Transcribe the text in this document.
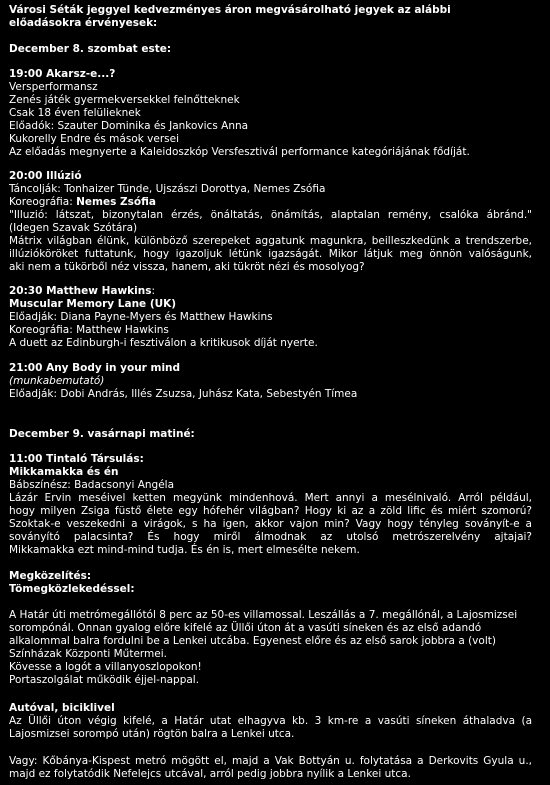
Városi Séták jeggyel kedvezményes áron megvásárolható jegyek az alábbi
előadásokra érvényesek:
December 8. szombat este:
19:00 Akarsz-e...?
Versperformansz
Zenés játék gyermekversekkel felnőtteknek
Csak 18 éven felülieknek
Előadók: Szauter Dominika és Jankovics Anna
Kukorelly Endre és mások versei
Az előadás megnyerte a Kaleidoszkóp Versfesztivál performance kategóriájának fődíját.
20:00 Illúzió
Táncolják: Tonhaizer Tünde, Ujszászi Dorottya, Nemes Zsófia
Koreográfia: Nemes Zsófia
"Illuzió: látszat, bizonytalan érzés, önáltatás, önámítás, alaptalan remény, csalóka ábránd."
(Idegen Szavak Szótára)
Mátrix világban élünk, különböző szerepeket aggatunk magunkra, beilleszkedünk a trendszerbe,
illúzióköröket futtatunk, hogy igazoljuk létünk igazságát. Mikor látjuk meg önnön valóságunk,
aki nem a tükörből néz vissza, hanem, aki tükröt nézi és mosolyog?
20:30 Matthew Hawkins:
Muscular Memory Lane (UK)
Előadják: Diana Payne-Myers és Matthew Hawkins
Koreográfia: Matthew Hawkins
A duett az Edinburgh-i fesztiválon a kritikusok díját nyerte.
21:00 Any Body in your mind
(munkabemutató)
Előadják: Dobi András, Illés Zsuzsa, Juhász Kata, Sebestyén Tímea
December 9. vasárnapi matiné:
11:00 Tintaló Társulás:
Mikkamakka és én
Bábszínész: Badacsonyi Angéla
Lázár Ervin meséivel ketten megyünk mindenhová. Mert annyi a mesélnivaló. Arról például,
hogy milyen Zsiga füstő élete egy hófehér világban? Hogy ki az a zöld lific és miért szomorú?
Szoktak-e veszekedni a virágok, s ha igen, akkor vajon min? Vagy hogy tényleg soványít-e a
soványító palacsinta? És hogy miről álmodnak az utolsó metrószerelvény ajtajai?
Mikkamakka ezt mind-mind tudja. És én is, mert elmesélte nekem.
Megközelítés:
Tömegközlekedéssel:
A Határ úti metrómegállótól 8 perc az 50-es villamossal. Leszállás a 7. megállónál, a Lajosmizsei
sorompónál. Onnan gyalog előre kifelé az Üllői úton át a vasúti síneken és az első adandó
alkalommal balra fordulni be a Lenkei utcába. Egyenest előre és az első sarok jobbra a (volt)
Színházak Központi Műtermei.
Kövesse a logót a villanyoszlopokon!
Portaszolgálat működik éjjel-nappal.
Autóval, biciklivel
Az Üllői úton végig kifelé, a Határ utat elhagyva kb. 3 km-re a vasúti síneken áthaladva (a
Lajosmizsei sorompó után) rögtön balra a Lenkei utca.
Vagy: Kőbánya-Kispest metró mögött el, majd a Vak Bottyán u. folytatása a Derkovits Gyula u.,
majd ez folytatódik Nefelejcs utcával, arról pedig jobbra nyílik a Lenkei utca.
